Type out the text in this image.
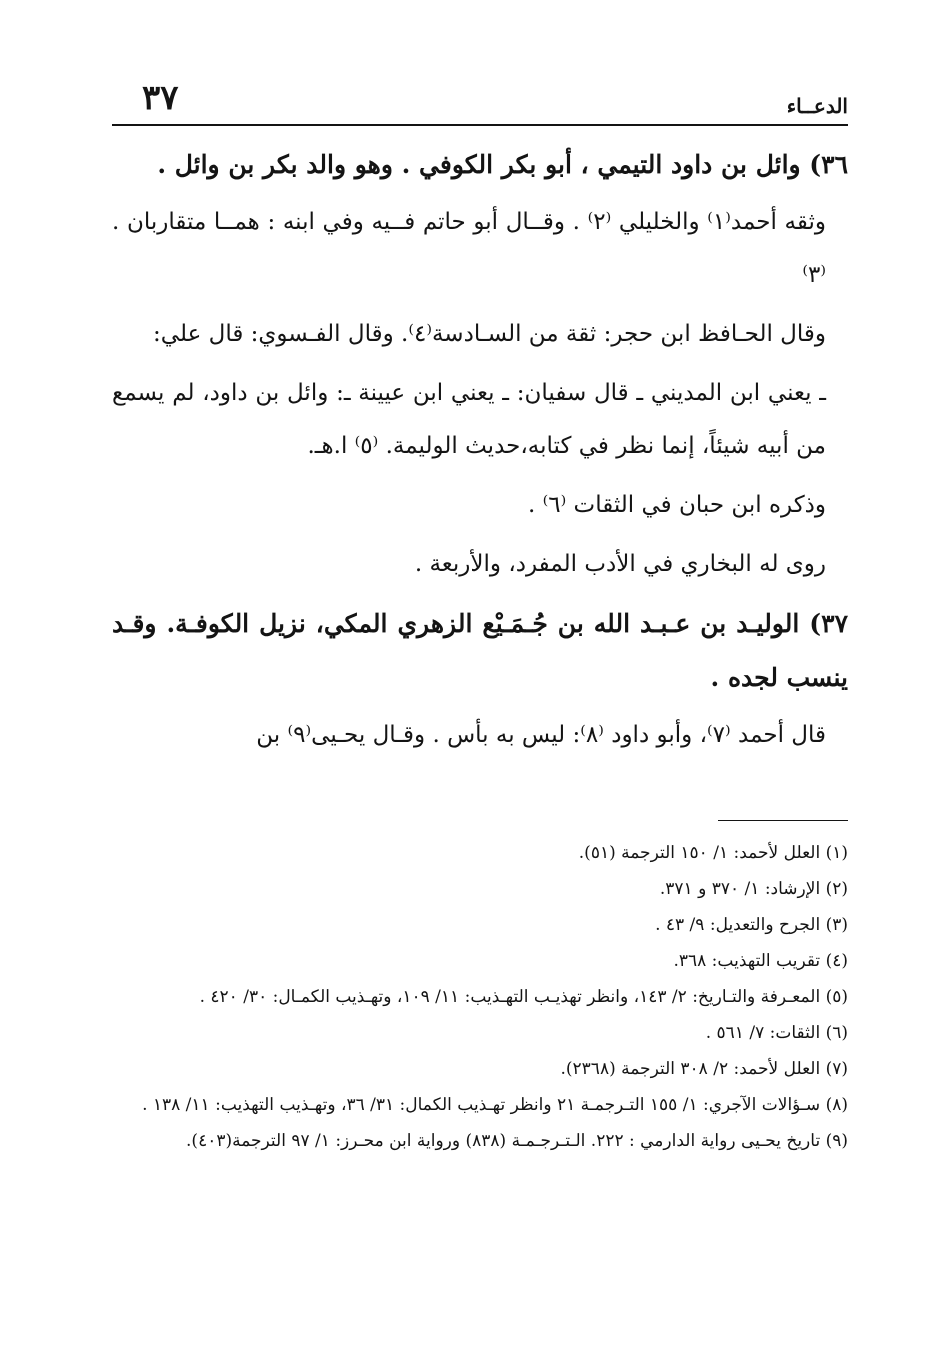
الدعــاء
٣٧
٣٦) وائل بن داود التيمي ، أبو بكر الكوفي . وهو والد بكر بن وائل .
وثقه أحمد⁽١⁾ والخليلي ⁽٢⁾ . وقــال أبو حاتم فــيه وفي ابنه : همــا متقاربان . ⁽٣⁾
وقال الحـافظ ابن حجر: ثقة من السـادسة⁽٤⁾. وقال الفـسوي: قال علي:
ـ يعني ابن المديني ـ قال سفيان: ـ يعني ابن عيينة ـ: وائل بن داود، لم يسمع من أبيه شيئاً، إنما نظر في كتابه،حديث الوليمة. ⁽٥⁾ ا.هـ.
وذكره ابن حبان في الثقات ⁽٦⁾ .
روى له البخاري في الأدب المفرد، والأربعة .
٣٧) الوليـد بن عـبـد الله بن جُـمَـيْع الزهري المكي، نزيل الكوفـة. وقـد ينسب لجده .
قال أحمد ⁽٧⁾، وأبو داود ⁽٨⁾: ليس به بأس . وقـال يحـيى⁽٩⁾ بن
(١) العلل لأحمد: ١/ ١٥٠ الترجمة (٥١).
(٢) الإرشاد: ١/ ٣٧٠ و ٣٧١.
(٣) الجرح والتعديل: ٩/ ٤٣ .
(٤) تقريب التهذيب: ٣٦٨.
(٥) المعـرفة والتـاريخ: ٢/ ١٤٣، وانظر تهذيـب التهـذيب: ١١/ ١٠٩، وتهـذيب الكمـال: ٣٠/ ٤٢٠ .
(٦) الثقات: ٧/ ٥٦١ .
(٧) العلل لأحمد: ٢/ ٣٠٨ الترجمة (٢٣٦٨).
(٨) سـؤالات الآجري: ١/ ١٥٥ التـرجمـة ٢١ وانظر تهـذيب الكمال: ٣١/ ٣٦، وتهـذيب التهذيب: ١١/ ١٣٨ .
(٩) تاريخ يحـيى رواية الدارمي : ٢٢٢. الـتـرجـمـة (٨٣٨) ورواية ابن محـرز: ١/ ٩٧ الترجمة(٤٠٣).
